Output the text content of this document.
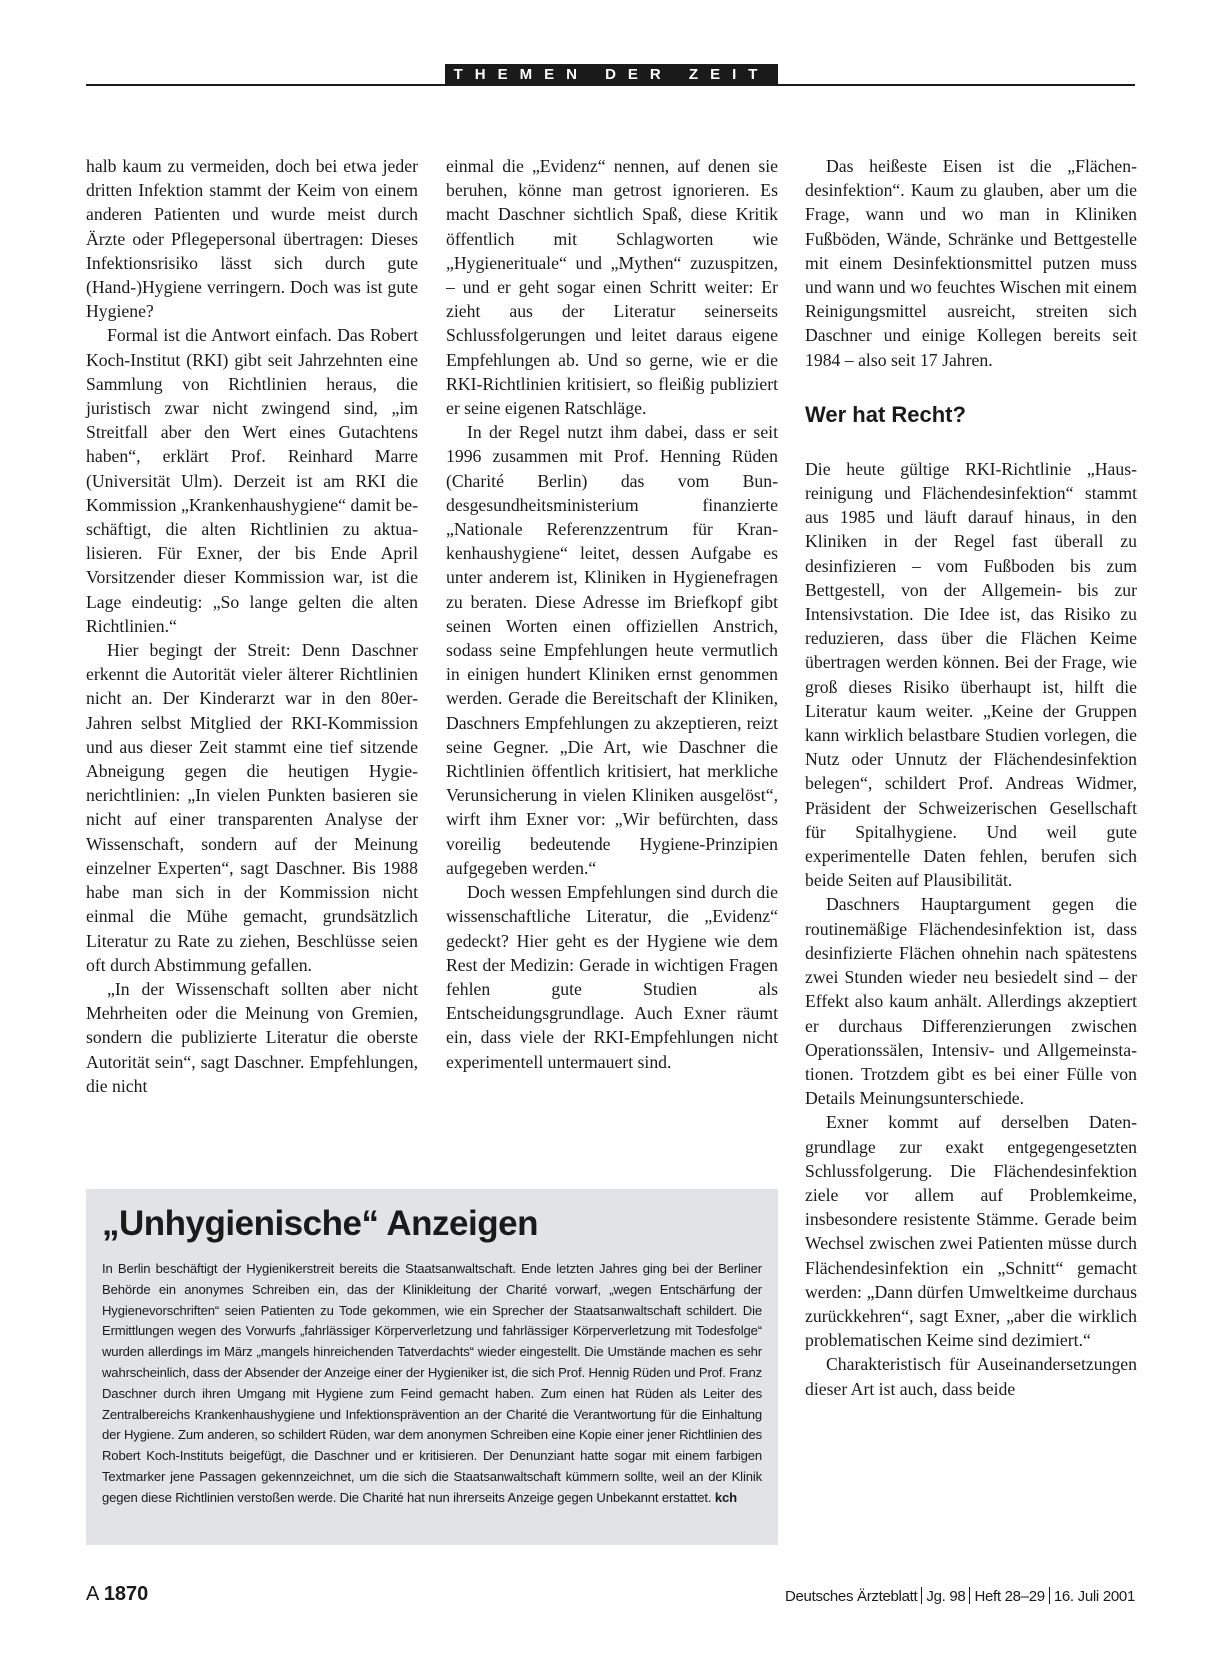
THEMEN DER ZEIT

halb kaum zu vermeiden, doch bei etwa jeder dritten Infektion stammt der Keim von einem anderen Patienten und wurde meist durch Ärzte oder Pflegepersonal übertragen: Dieses Infektionsrisiko lässt sich durch gute (Hand-)Hygiene verringern. Doch was ist gute Hygiene?

Formal ist die Antwort einfach. Das Robert Koch-Institut (RKI) gibt seit Jahrzehnten eine Sammlung von Richtlinien heraus, die juristisch zwar nicht zwingend sind, „im Streitfall aber den Wert eines Gutachtens haben“, erklärt Prof. Reinhard Marre (Universität Ulm). Derzeit ist am RKI die Kommission „Krankenhaushygiene“ damit beschäftigt, die alten Richtlinien zu aktualisieren. Für Exner, der bis Ende April Vorsitzender dieser Kommission war, ist die Lage eindeutig: „So lange gelten die alten Richtlinien.“

Hier begingt der Streit: Denn Daschner erkennt die Autorität vieler älterer Richtlinien nicht an. Der Kinderarzt war in den 80er-Jahren selbst Mitglied der RKI-Kommission und aus dieser Zeit stammt eine tief sitzende Abneigung gegen die heutigen Hygienerichtlinien: „In vielen Punkten basieren sie nicht auf einer transparenten Analyse der Wissenschaft, sondern auf der Meinung einzelner Experten“, sagt Daschner. Bis 1988 habe man sich in der Kommission nicht einmal die Mühe gemacht, grundsätzlich Literatur zu Rate zu ziehen, Beschlüsse seien oft durch Abstimmung gefallen.

„In der Wissenschaft sollten aber nicht Mehrheiten oder die Meinung von Gremien, sondern die publizierte Literatur die oberste Autorität sein“, sagt Daschner. Empfehlungen, die nicht

einmal die „Evidenz“ nennen, auf denen sie beruhen, könne man getrost ignorieren. Es macht Daschner sichtlich Spaß, diese Kritik öffentlich mit Schlagworten wie „Hygienerituale“ und „Mythen“ zuzuspitzen, – und er geht sogar einen Schritt weiter: Er zieht aus der Literatur seinerseits Schlussfolgerungen und leitet daraus eigene Empfehlungen ab. Und so gerne, wie er die RKI-Richtlinien kritisiert, so fleißig publiziert er seine eigenen Ratschläge.

In der Regel nutzt ihm dabei, dass er seit 1996 zusammen mit Prof. Henning Rüden (Charité Berlin) das vom Bundesgesundheitsministerium finanzierte „Nationale Referenzzentrum für Krankenhaushygiene“ leitet, dessen Aufgabe es unter anderem ist, Kliniken in Hygienefragen zu beraten. Diese Adresse im Briefkopf gibt seinen Worten einen offiziellen Anstrich, sodass seine Empfehlungen heute vermutlich in einigen hundert Kliniken ernst genommen werden. Gerade die Bereitschaft der Kliniken, Daschners Empfehlungen zu akzeptieren, reizt seine Gegner. „Die Art, wie Daschner die Richtlinien öffentlich kritisiert, hat merkliche Verunsicherung in vielen Kliniken ausgelöst“, wirft ihm Exner vor: „Wir befürchten, dass voreilig bedeutende Hygiene-Prinzipien aufgegeben werden.“

Doch wessen Empfehlungen sind durch die wissenschaftliche Literatur, die „Evidenz“ gedeckt? Hier geht es der Hygiene wie dem Rest der Medizin: Gerade in wichtigen Fragen fehlen gute Studien als Entscheidungsgrundlage. Auch Exner räumt ein, dass viele der RKI-Empfehlungen nicht experimentell untermauert sind.

Das heißeste Eisen ist die „Flächendesinfektion“. Kaum zu glauben, aber um die Frage, wann und wo man in Kliniken Fußböden, Wände, Schränke und Bettgestelle mit einem Desinfektionsmittel putzen muss und wann und wo feuchtes Wischen mit einem Reinigungsmittel ausreicht, streiten sich Daschner und einige Kollegen bereits seit 1984 – also seit 17 Jahren.

Wer hat Recht?

Die heute gültige RKI-Richtlinie „Hausreinigung und Flächendesinfektion“ stammt aus 1985 und läuft darauf hinaus, in den Kliniken in der Regel fast überall zu desinfizieren – vom Fußboden bis zum Bettgestell, von der Allgemein- bis zur Intensivstation. Die Idee ist, das Risiko zu reduzieren, dass über die Flächen Keime übertragen werden können. Bei der Frage, wie groß dieses Risiko überhaupt ist, hilft die Literatur kaum weiter. „Keine der Gruppen kann wirklich belastbare Studien vorlegen, die Nutz oder Unnutz der Flächendesinfektion belegen“, schildert Prof. Andreas Widmer, Präsident der Schweizerischen Gesellschaft für Spitalhygiene. Und weil gute experimentelle Daten fehlen, berufen sich beide Seiten auf Plausibilität.

Daschners Hauptargument gegen die routinemäßige Flächendesinfektion ist, dass desinfizierte Flächen ohnehin nach spätestens zwei Stunden wieder neu besiedelt sind – der Effekt also kaum anhält. Allerdings akzeptiert er durchaus Differenzierungen zwischen Operationssälen, Intensiv- und Allgemeinstationen. Trotzdem gibt es bei einer Fülle von Details Meinungsunterschiede.

Exner kommt auf derselben Datengrundlage zur exakt entgegengesetzten Schlussfolgerung. Die Flächendesinfektion ziele vor allem auf Problemkeime, insbesondere resistente Stämme. Gerade beim Wechsel zwischen zwei Patienten müsse durch Flächendesinfektion ein „Schnitt“ gemacht werden: „Dann dürfen Umweltkeime durchaus zurückkehren“, sagt Exner, „aber die wirklich problematischen Keime sind dezimiert.“

Charakteristisch für Auseinandersetzungen dieser Art ist auch, dass beide

„Unhygienische“ Anzeigen
In Berlin beschäftigt der Hygienikerstreit bereits die Staatsanwaltschaft. Ende letzten Jahres ging bei der Berliner Behörde ein anonymes Schreiben ein, das der Klinikleitung der Charité vorwarf, „wegen Entschärfung der Hygienevorschriften“ seien Patienten zu Tode gekommen, wie ein Sprecher der Staatsanwaltschaft schildert. Die Ermittlungen wegen des Vorwurfs „fahrlässiger Körperverletzung und fahrlässiger Körperverletzung mit Todesfolge“ wurden allerdings im März „mangels hinreichenden Tatverdachts“ wieder eingestellt. Die Umstände machen es sehr wahrscheinlich, dass der Absender der Anzeige einer der Hygieniker ist, die sich Prof. Hennig Rüden und Prof. Franz Daschner durch ihren Umgang mit Hygiene zum Feind gemacht haben. Zum einen hat Rüden als Leiter des Zentralbereichs Krankenhaushygiene und Infektionsprävention an der Charité die Verantwortung für die Einhaltung der Hygiene. Zum anderen, so schildert Rüden, war dem anonymen Schreiben eine Kopie einer jener Richtlinien des Robert Koch-Instituts beigefügt, die Daschner und er kritisieren. Der Denunziant hatte sogar mit einem farbigen Textmarker jene Passagen gekennzeichnet, um die sich die Staatsanwaltschaft kümmern sollte, weil an der Klinik gegen diese Richtlinien verstoßen werde. Die Charité hat nun ihrerseits Anzeige gegen Unbekannt erstattet. kch
A 1870	Deutsches Ärzteblatt Jg. 98 Heft 28–29 16. Juli 2001
